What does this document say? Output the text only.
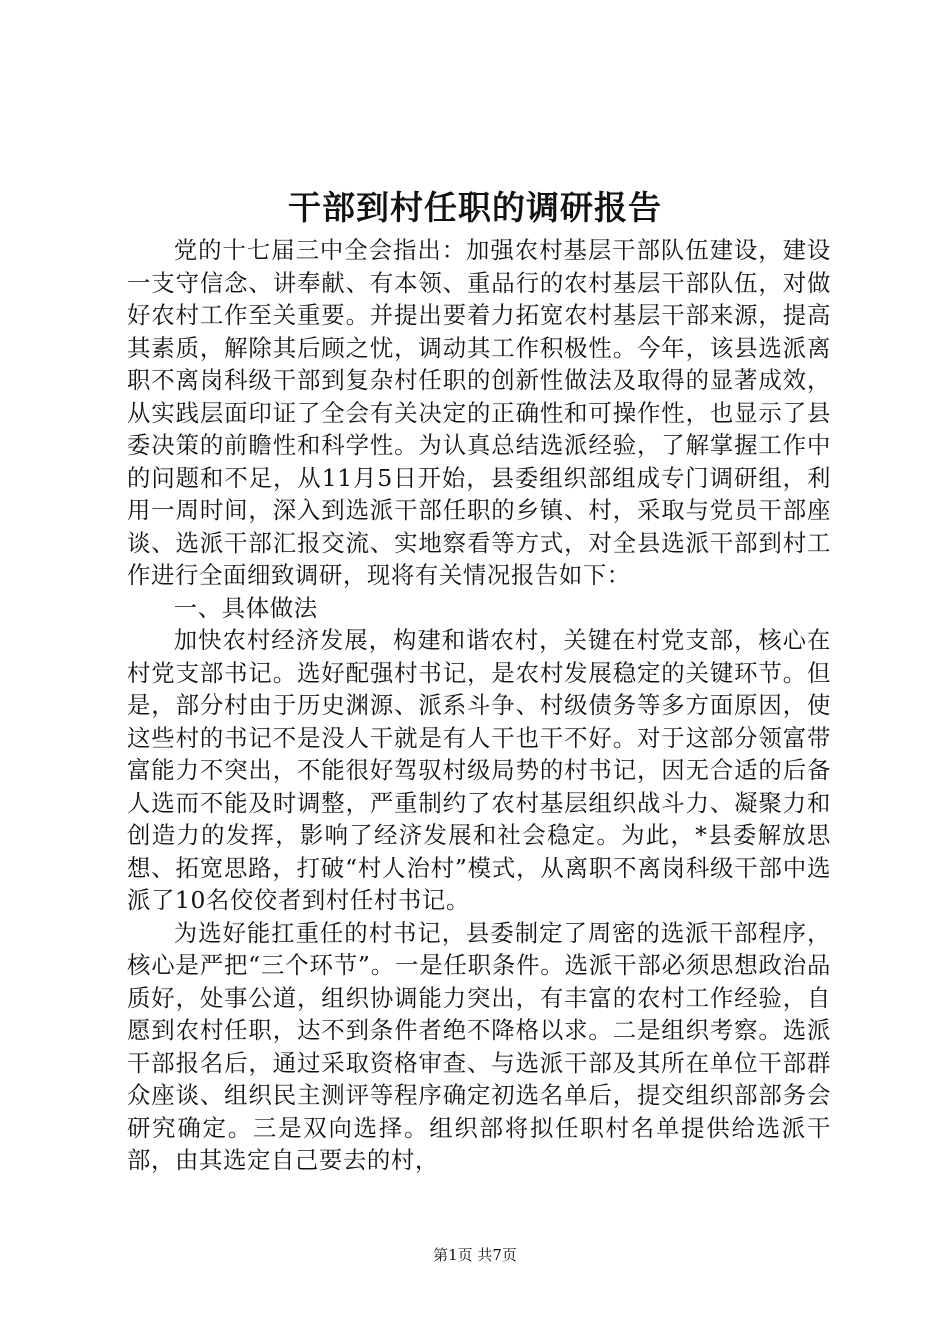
干部到村任职的调研报告

党的十七届三中全会指出：加强农村基层干部队伍建设，建设一支守信念、讲奉献、有本领、重品行的农村基层干部队伍，对做好农村工作至关重要。并提出要着力拓宽农村基层干部来源，提高其素质，解除其后顾之忧，调动其工作积极性。今年，该县选派离职不离岗科级干部到复杂村任职的创新性做法及取得的显著成效，从实践层面印证了全会有关决定的正确性和可操作性，也显示了县委决策的前瞻性和科学性。为认真总结选派经验，了解掌握工作中的问题和不足，从11月5日开始，县委组织部组成专门调研组，利用一周时间，深入到选派干部任职的乡镇、村，采取与党员干部座谈、选派干部汇报交流、实地察看等方式，对全县选派干部到村工作进行全面细致调研，现将有关情况报告如下：

一、具体做法

加快农村经济发展，构建和谐农村，关键在村党支部，核心在村党支部书记。选好配强村书记，是农村发展稳定的关键环节。但是，部分村由于历史渊源、派系斗争、村级债务等多方面原因，使这些村的书记不是没人干就是有人干也干不好。对于这部分领富带富能力不突出，不能很好驾驭村级局势的村书记，因无合适的后备人选而不能及时调整，严重制约了农村基层组织战斗力、凝聚力和创造力的发挥，影响了经济发展和社会稳定。为此，*县委解放思想、拓宽思路，打破“村人治村”模式，从离职不离岗科级干部中选派了10名佼佼者到村任村书记。

为选好能扛重任的村书记，县委制定了周密的选派干部程序，核心是严把“三个环节”。一是任职条件。选派干部必须思想政治品质好，处事公道，组织协调能力突出，有丰富的农村工作经验，自愿到农村任职，达不到条件者绝不降格以求。二是组织考察。选派干部报名后，通过采取资格审查、与选派干部及其所在单位干部群众座谈、组织民主测评等程序确定初选名单后，提交组织部部务会研究确定。三是双向选择。组织部将拟任职村名单提供给选派干部，由其选定自己要去的村，

第1页 共7页
